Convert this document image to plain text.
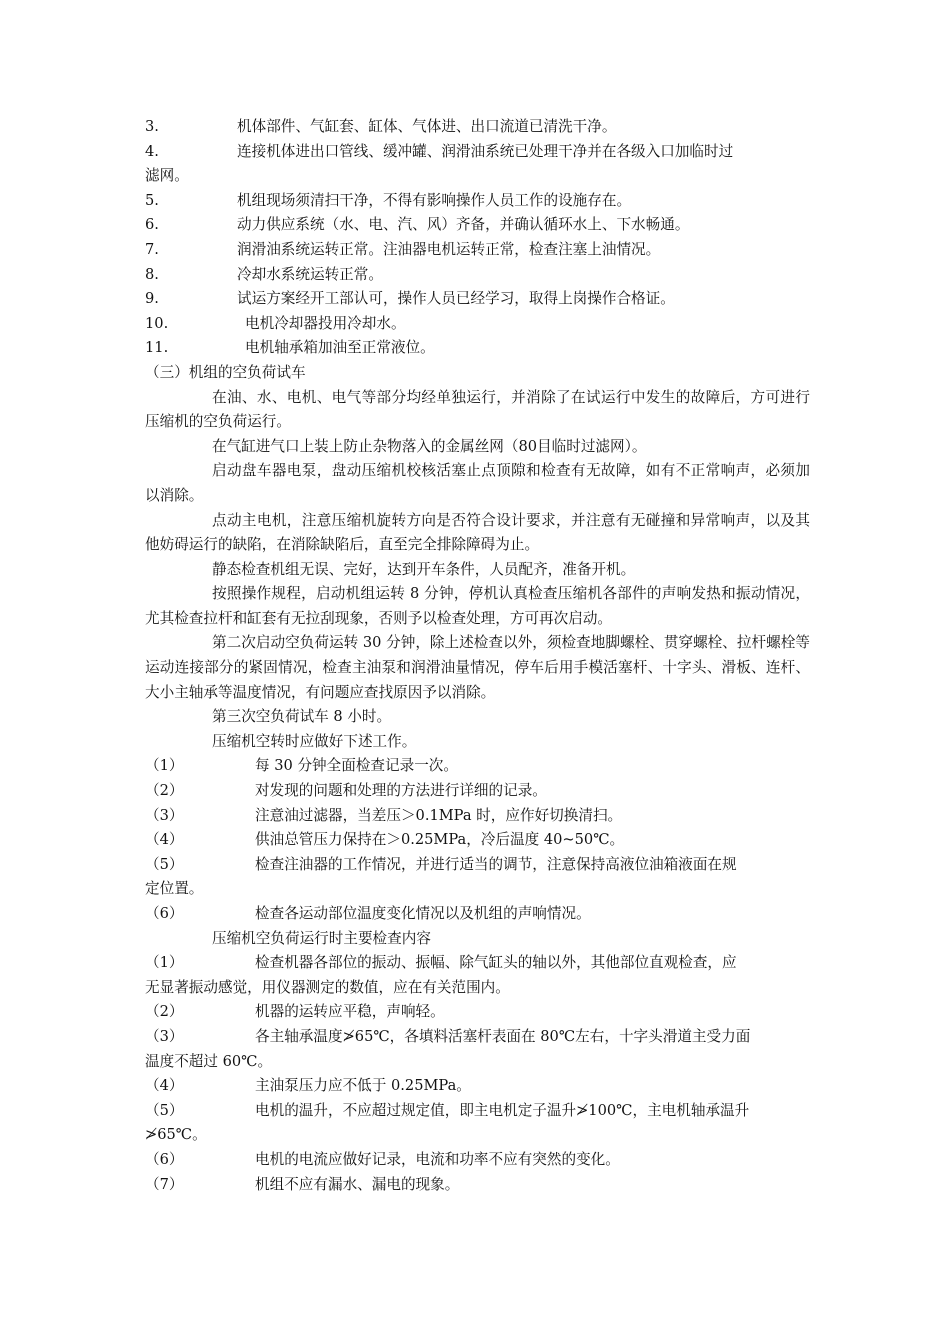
3.	机体部件、气缸套、缸体、气体进、出口流道已清洗干净。
4.	连接机体进出口管线、缓冲罐、润滑油系统已处理干净并在各级入口加临时过
滤网。
5.	机组现场须清扫干净，不得有影响操作人员工作的设施存在。
6.	动力供应系统（水、电、汽、风）齐备，并确认循环水上、下水畅通。
7.	润滑油系统运转正常。注油器电机运转正常，检查注塞上油情况。
8.	冷却水系统运转正常。
9.	试运方案经开工部认可，操作人员已经学习，取得上岗操作合格证。
10.	电机冷却器投用冷却水。
11.	电机轴承箱加油至正常液位。
（三）机组的空负荷试车
在油、水、电机、电气等部分均经单独运行，并消除了在试运行中发生的故障后，方可进行压缩机的空负荷运行。
在气缸进气口上装上防止杂物落入的金属丝网（80目临时过滤网）。
启动盘车器电泵，盘动压缩机校核活塞止点顶隙和检查有无故障，如有不正常响声，必须加以消除。
点动主电机，注意压缩机旋转方向是否符合设计要求，并注意有无碰撞和异常响声，以及其他妨碍运行的缺陷，在消除缺陷后，直至完全排除障碍为止。
静态检查机组无误、完好，达到开车条件，人员配齐，准备开机。
按照操作规程，启动机组运转 8 分钟，停机认真检查压缩机各部件的声响发热和振动情况，尤其检查拉杆和缸套有无拉刮现象，否则予以检查处理，方可再次启动。
第二次启动空负荷运转 30 分钟，除上述检查以外，须检查地脚螺栓、贯穿螺栓、拉杆螺栓等运动连接部分的紧固情况，检查主油泵和润滑油量情况，停车后用手模活塞杆、十字头、滑板、连杆、大小主轴承等温度情况，有问题应查找原因予以消除。
第三次空负荷试车 8 小时。
压缩机空转时应做好下述工作。
（1）	每 30 分钟全面检查记录一次。
（2）	对发现的问题和处理的方法进行详细的记录。
（3）	注意油过滤器，当差压＞0.1MPa 时，应作好切换清扫。
（4）	供油总管压力保持在＞0.25MPa，冷后温度 40~50℃。
（5）	检查注油器的工作情况，并进行适当的调节，注意保持高液位油箱液面在规
定位置。
（6）	检查各运动部位温度变化情况以及机组的声响情况。
压缩机空负荷运行时主要检查内容
（1）	检查机器各部位的振动、振幅、除气缸头的轴以外，其他部位直观检查，应
无显著振动感觉，用仪器测定的数值，应在有关范围内。
（2）	机器的运转应平稳，声响轻。
（3）	各主轴承温度≯65℃，各填料活塞杆表面在 80℃左右，十字头滑道主受力面
温度不超过 60℃。
（4）	主油泵压力应不低于 0.25MPa。
（5）	电机的温升，不应超过规定值，即主电机定子温升≯100℃，主电机轴承温升
≯65℃。
（6）	电机的电流应做好记录，电流和功率不应有突然的变化。
（7）	机组不应有漏水、漏电的现象。
